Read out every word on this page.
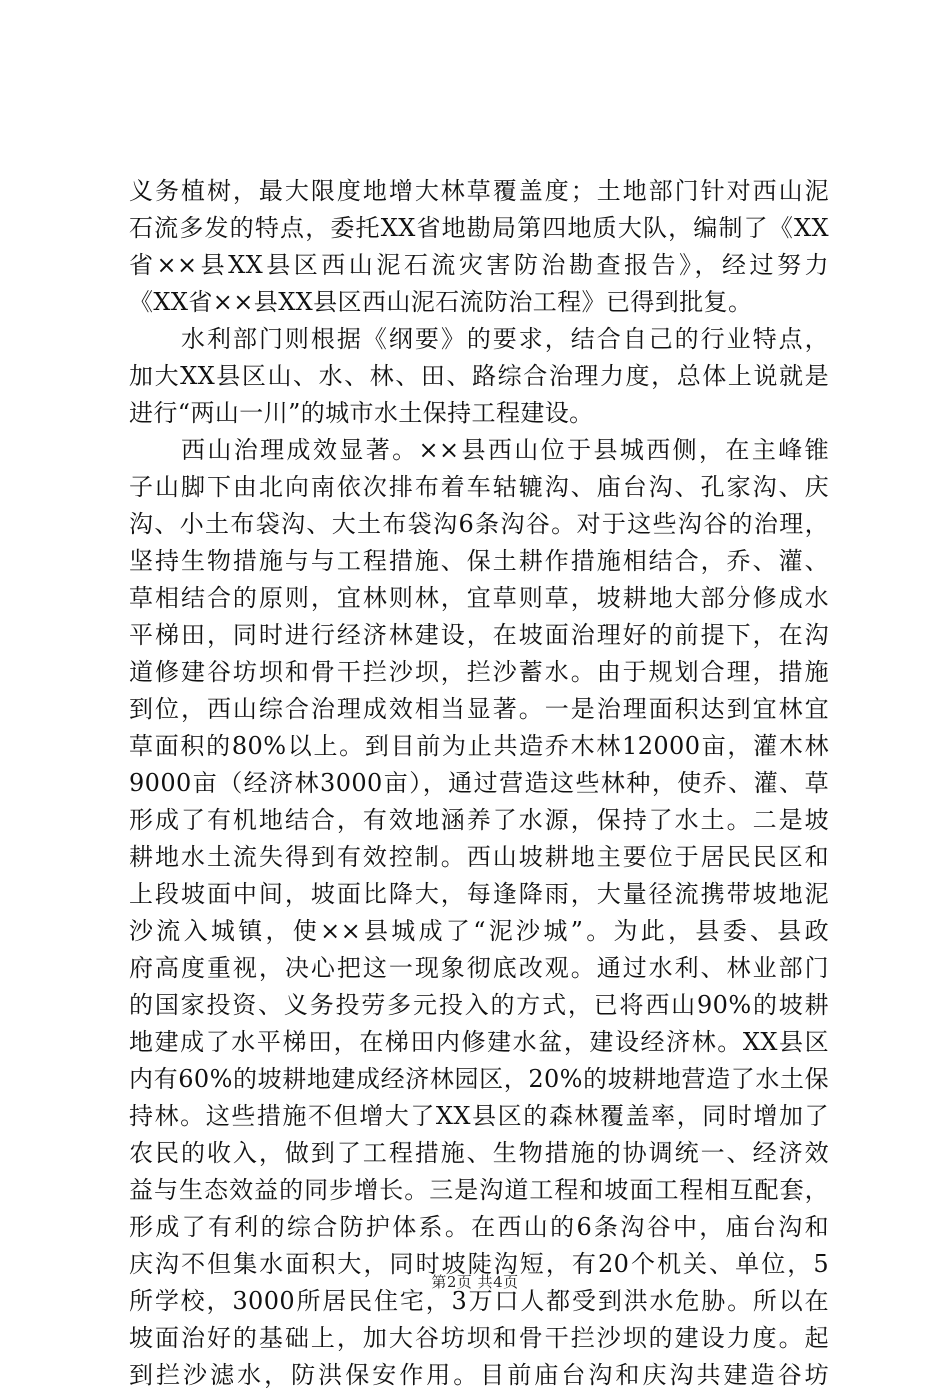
义务植树，最大限度地增大林草覆盖度；土地部门针对西山泥
石流多发的特点，委托XX省地勘局第四地质大队，编制了《XX
省××县XX县区西山泥石流灾害防治勘查报告》，经过努力
《XX省××县XX县区西山泥石流防治工程》已得到批复。
水利部门则根据《纲要》的要求，结合自己的行业特点，
加大XX县区山、水、林、田、路综合治理力度，总体上说就是
进行“两山一川”的城市水土保持工程建设。
西山治理成效显著。××县西山位于县城西侧，在主峰锥
子山脚下由北向南依次排布着车轱辘沟、庙台沟、孔家沟、庆
沟、小土布袋沟、大土布袋沟6条沟谷。对于这些沟谷的治理，
坚持生物措施与与工程措施、保土耕作措施相结合，乔、灌、
草相结合的原则，宜林则林，宜草则草，坡耕地大部分修成水
平梯田，同时进行经济林建设，在坡面治理好的前提下，在沟
道修建谷坊坝和骨干拦沙坝，拦沙蓄水。由于规划合理，措施
到位，西山综合治理成效相当显著。一是治理面积达到宜林宜
草面积的80%以上。到目前为止共造乔木林12000亩，灌木林
9000亩（经济林3000亩），通过营造这些林种，使乔、灌、草
形成了有机地结合，有效地涵养了水源，保持了水土。二是坡
耕地水土流失得到有效控制。西山坡耕地主要位于居民民区和
上段坡面中间，坡面比降大，每逢降雨，大量径流携带坡地泥
沙流入城镇，使××县城成了“泥沙城”。为此，县委、县政
府高度重视，决心把这一现象彻底改观。通过水利、林业部门
的国家投资、义务投劳多元投入的方式，已将西山90%的坡耕
地建成了水平梯田，在梯田内修建水盆，建设经济林。XX县区
内有60%的坡耕地建成经济林园区，20%的坡耕地营造了水土保
持林。这些措施不但增大了XX县区的森林覆盖率，同时增加了
农民的收入，做到了工程措施、生物措施的协调统一、经济效
益与生态效益的同步增长。三是沟道工程和坡面工程相互配套，
形成了有利的综合防护体系。在西山的6条沟谷中，庙台沟和
庆沟不但集水面积大，同时坡陡沟短，有20个机关、单位，5
所学校，3000所居民住宅，3万口人都受到洪水危胁。所以在
坡面治好的基础上，加大谷坊坝和骨干拦沙坝的建设力度。起
到拦沙滤水，防洪保安作用。目前庙台沟和庆沟共建造谷坊
第2页 共4页
